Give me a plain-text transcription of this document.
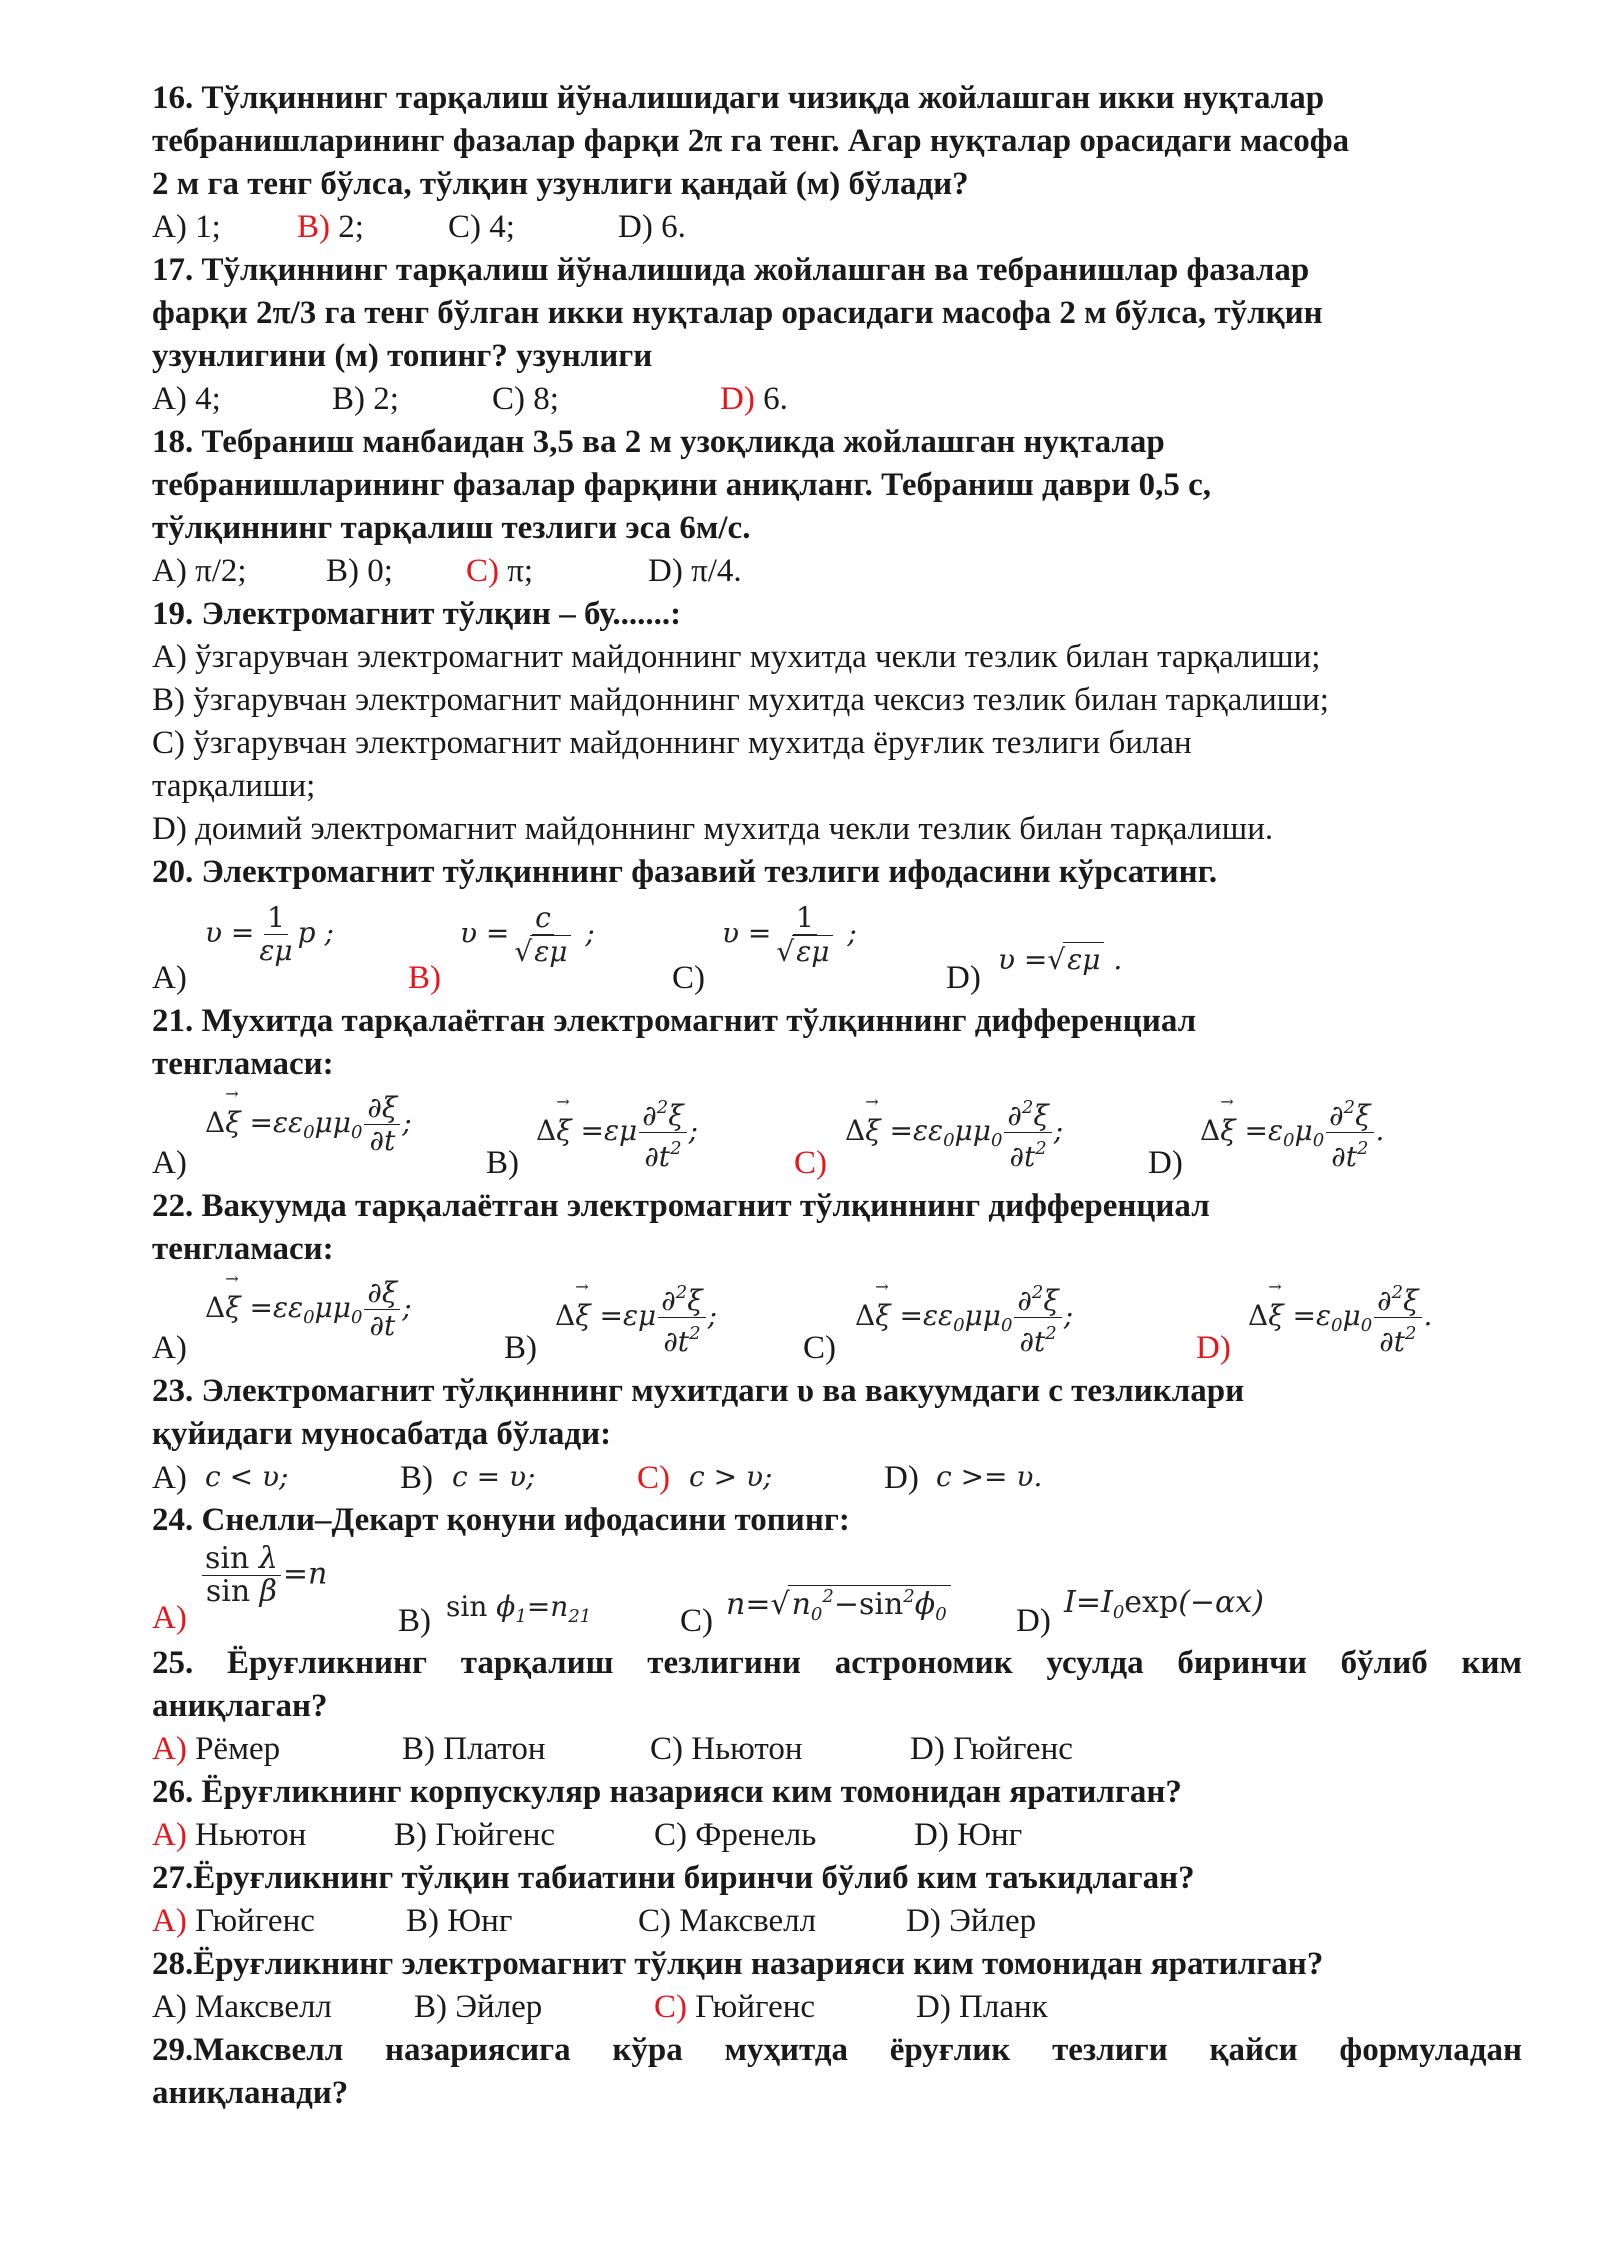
16. Тўлқиннинг тарқалиш йўналишидаги чизиқда жойлашган икки нуқталар
тебранишларининг фазалар фарқи 2π га тенг. Агар нуқталар орасидаги масофа
2 м га тенг бўлса, тўлқин узунлиги қандай (м) бўлади?
A) 1; B) 2;	C) 4;	D) 6.
17. Тўлқиннинг тарқалиш йўналишида жойлашган ва тебранишлар фазалар
фарқи 2π/3 га тенг бўлган икки нуқталар орасидаги масофа 2 м бўлса, тўлқин
узунлигини (м) топинг? узунлиги
A) 4;	B) 2;	C) 8;	D) 6.
18. Тебраниш манбаидан 3,5 ва 2 м узоқликда жойлашган нуқталар
тебранишларининг фазалар фарқини аниқланг. Тебраниш даври 0,5 с,
тўлқиннинг тарқалиш тезлиги эса 6м/с.
A) π/2; B) 0; C) π;	D) π/4.
19. Электромагнит тўлқин – бу.......:
A) ўзгарувчан электромагнит майдоннинг мухитда чекли тезлик билан тарқалиши;
B) ўзгарувчан электромагнит майдоннинг мухитда чексиз тезлик билан тарқалиши;
C) ўзгарувчан электромагнит майдоннинг мухитда ёруғлик тезлиги билан
тарқалиши;
D) доимий электромагнит майдоннинг мухитда чекли тезлик билан тарқалиши.
20. Электромагнит тўлқиннинг фазавий тезлиги ифодасини кўрсатинг.
A)
$\upsilon = \frac{1}{\varepsilon\mu}$ p ;
B)
$\upsilon = \frac{c}{√\varepsilon\mu}$ ;
C)
$\upsilon = \frac{1}{√\varepsilon\mu}$ ;
D)
υ =√εμ .
21. Мухитда тарқалаётган электромагнит тўлқиннинг дифференциал
тенгламаси:
A)
$\Delta\to \xi =\varepsilon\varepsilon_0\mu\mu_0 \frac{\partial\xi}{\partial t}$ ;
B)
$\Delta\to \xi =\varepsilon\mu \frac{\partial^2\xi}{\partial t^2}$ ;
C)
$\Delta\to \xi =\varepsilon\varepsilon_0\mu\mu_0 \frac{\partial^2\xi}{\partial t^2}$ ;
D)
$\Delta\to \xi =\varepsilon_0\mu_0 \frac{\partial^2\xi}{\partial t^2}$ .
22. Вакуумда тарқалаётган электромагнит тўлқиннинг дифференциал
тенгламаси:
A)
$\Delta\to \xi =\varepsilon\varepsilon_0\mu\mu_0 \frac{\partial\xi}{\partial t}$ ;
B)
$\Delta\to \xi =\varepsilon\mu \frac{\partial^2\xi}{\partial t^2}$ ;
C)
$\Delta\to \xi =\varepsilon\varepsilon_0\mu\mu_0 \frac{\partial^2\xi}{\partial t^2}$ ;
D)
$\Delta\to \xi =\varepsilon_0\mu_0 \frac{\partial^2\xi}{\partial t^2}$ .
23. Электромагнит тўлқиннинг мухитдаги υ ва вакуумдаги c тезликлари
қуйидаги муносабатда бўлади:
A) c < υ;	B) c = υ;	C) c > υ;	D) c >= υ.
24. Снелли–Декарт қонуни ифодасини топинг:
A)
$\frac{\text{sin λ}}{\text{sin β}} =n$
B) $\sin \phi_1=n_{21}$	C) $n=√n_0^2-\sin^2\phi_0$ D)
$I=I_0\exp(-\alpha x)$
25. Ёруғликнинг тарқалиш тезлигини астрономик усулда биринчи бўлиб ким
аниқлаган?
A) Рёмер	B) Платон	C) Ньютон	D) Гюйгенс
26. Ёруғликнинг корпускуляр назарияси ким томонидан яратилган?
A) Ньютон	B) Гюйгенс	C) Френель	D) Юнг
27.Ёруғликнинг тўлқин табиатини биринчи бўлиб ким таъкидлаган?
A) Гюйгенс	B) Юнг	C) Максвелл	D) Эйлер
28.Ёруғликнинг электромагнит тўлқин назарияси ким томонидан яратилган?
A) Максвелл B) Эйлер	C) Гюйгенс	D) Планк
29.Максвелл назариясига кўра муҳитда ёруғлик тезлиги қайси формуладан
аниқланади?
